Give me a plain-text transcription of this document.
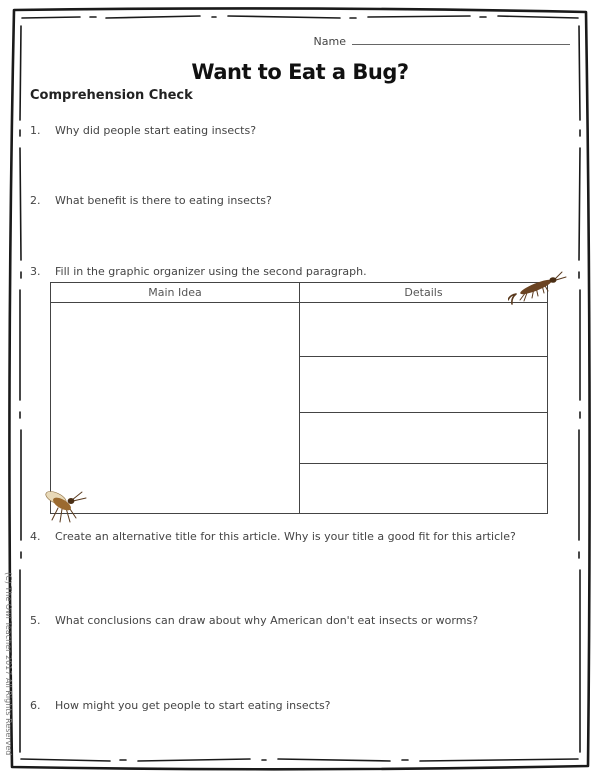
Name
Want to Eat a Bug?
Comprehension Check
1. Why did people start eating insects?
2. What benefit is there to eating insects?
3. Fill in the graphic organizer using the second paragraph.
Main Idea	Details
4. Create an alternative title for this article. Why is your title a good fit for this article?
5. What conclusions can draw about why American don't eat insects or worms?
6. How might you get people to start eating insects?
(C) The Owl Teacher 2017 All Rights Reserved
